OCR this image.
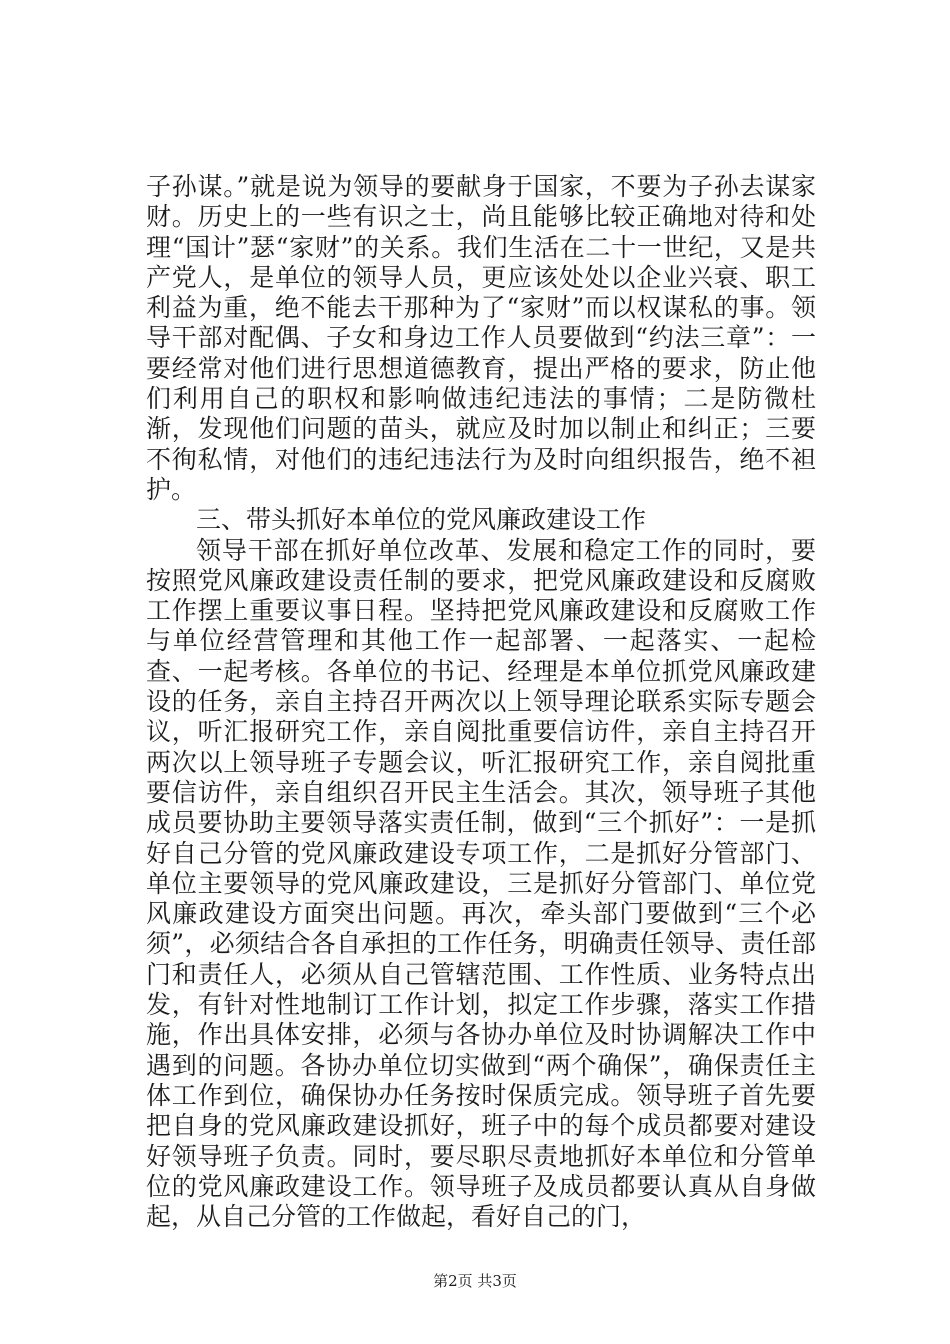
子孙谋。”就是说为领导的要献身于国家，不要为子孙去谋家财。历史上的一些有识之士，尚且能够比较正确地对待和处理“国计”瑟“家财”的关系。我们生活在二十一世纪，又是共产党人，是单位的领导人员，更应该处处以企业兴衰、职工利益为重，绝不能去干那种为了“家财”而以权谋私的事。领导干部对配偶、子女和身边工作人员要做到“约法三章”：一要经常对他们进行思想道德教育，提出严格的要求，防止他们利用自己的职权和影响做违纪违法的事情；二是防微杜渐，发现他们问题的苗头，就应及时加以制止和纠正；三要不徇私情，对他们的违纪违法行为及时向组织报告，绝不袒护。

三、带头抓好本单位的党风廉政建设工作

领导干部在抓好单位改革、发展和稳定工作的同时，要按照党风廉政建设责任制的要求，把党风廉政建设和反腐败工作摆上重要议事日程。坚持把党风廉政建设和反腐败工作与单位经营管理和其他工作一起部署、一起落实、一起检查、一起考核。各单位的书记、经理是本单位抓党风廉政建设的任务，亲自主持召开两次以上领导理论联系实际专题会议，听汇报研究工作，亲自阅批重要信访件，亲自主持召开两次以上领导班子专题会议，听汇报研究工作，亲自阅批重要信访件，亲自组织召开民主生活会。其次，领导班子其他成员要协助主要领导落实责任制，做到“三个抓好”：一是抓好自己分管的党风廉政建设专项工作，二是抓好分管部门、单位主要领导的党风廉政建设，三是抓好分管部门、单位党风廉政建设方面突出问题。再次，牵头部门要做到“三个必须”，必须结合各自承担的工作任务，明确责任领导、责任部门和责任人，必须从自己管辖范围、工作性质、业务特点出发，有针对性地制订工作计划，拟定工作步骤，落实工作措施，作出具体安排，必须与各协办单位及时协调解决工作中遇到的问题。各协办单位切实做到“两个确保”，确保责任主体工作到位，确保协办任务按时保质完成。领导班子首先要把自身的党风廉政建设抓好，班子中的每个成员都要对建设好领导班子负责。同时，要尽职尽责地抓好本单位和分管单位的党风廉政建设工作。领导班子及成员都要认真从自身做起，从自己分管的工作做起，看好自己的门，

第2页 共3页
